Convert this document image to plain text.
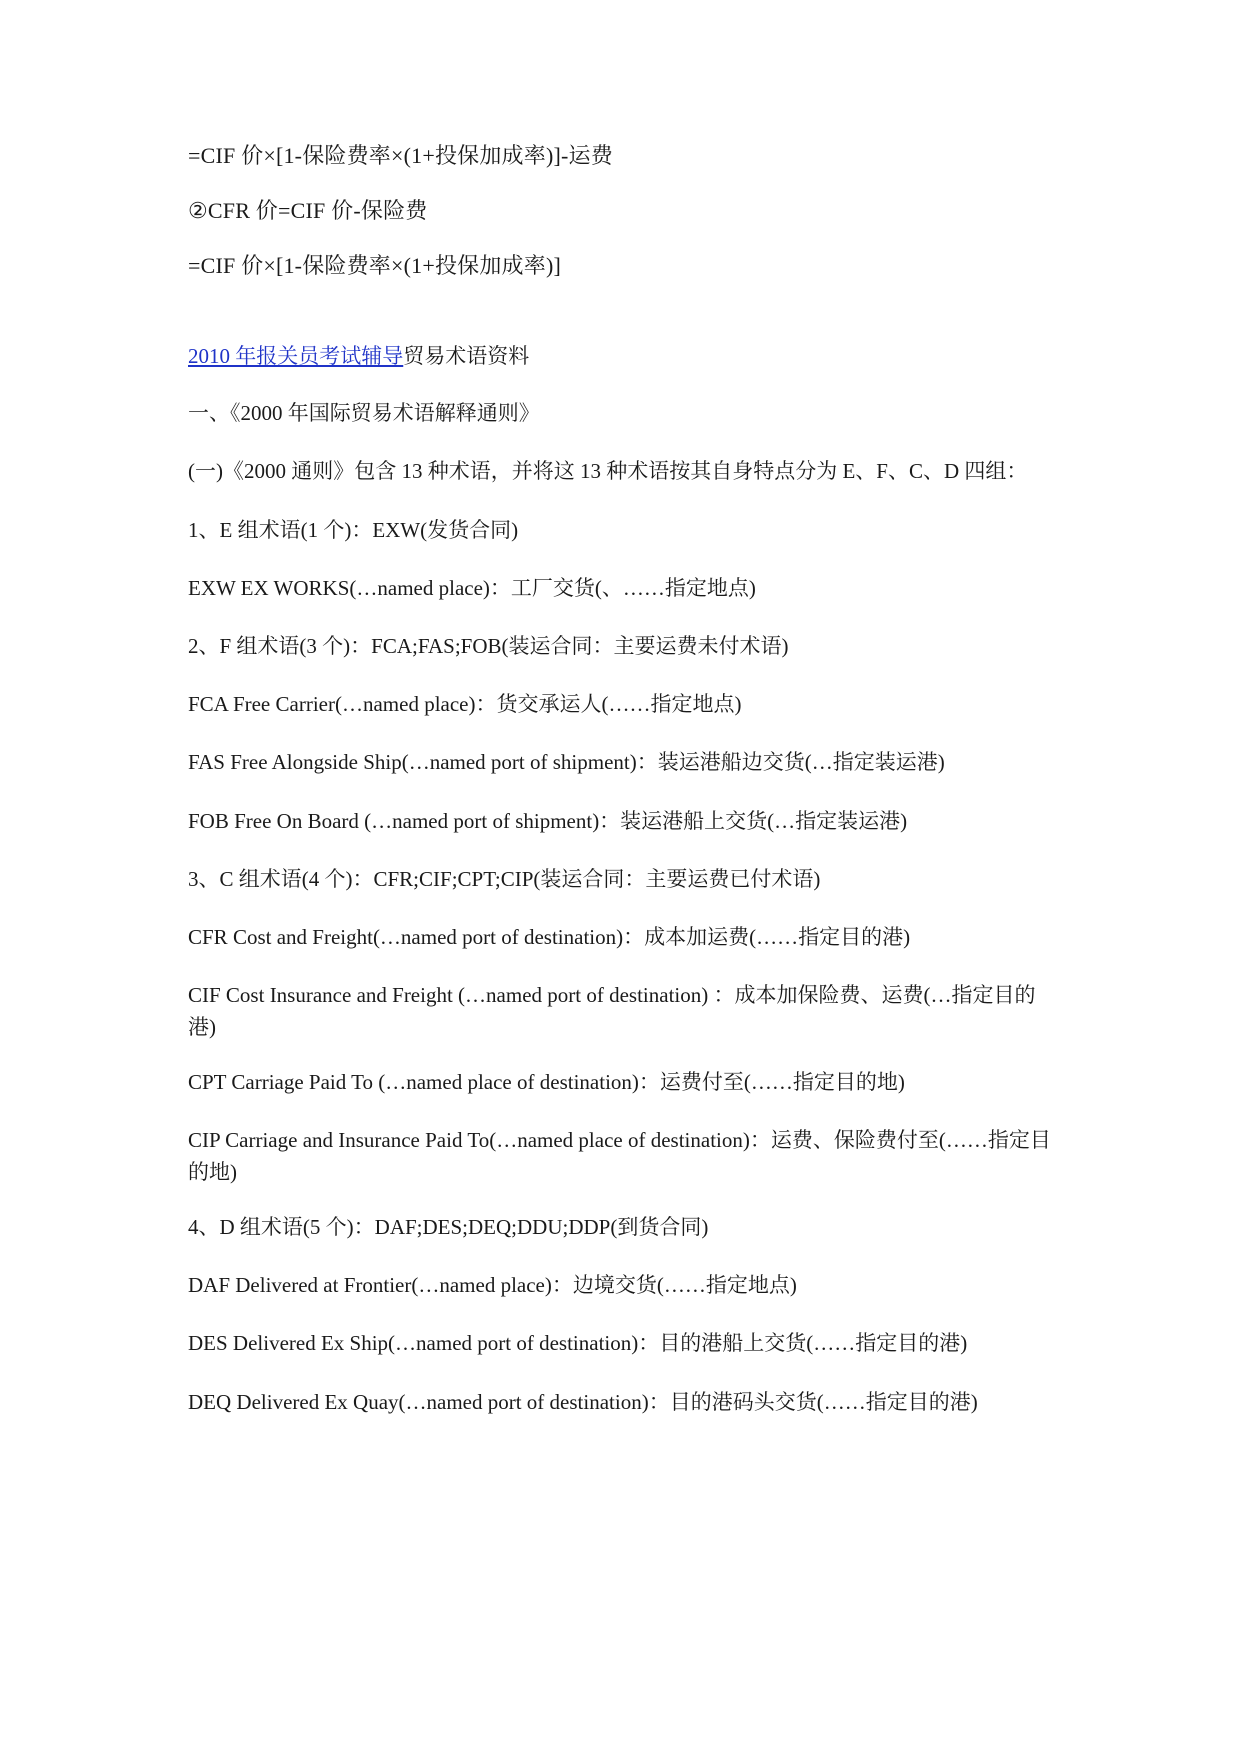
=CIF 价×[1-保险费率×(1+投保加成率)]-运费
②CFR 价=CIF 价-保险费
=CIF 价×[1-保险费率×(1+投保加成率)]
2010 年报关员考试辅导贸易术语资料
一、《2000 年国际贸易术语解释通则》
(一)《2000 通则》包含 13 种术语，并将这 13 种术语按其自身特点分为 E、F、C、D 四组：
1、E 组术语(1 个)：EXW(发货合同)
EXW EX WORKS(…named place)：工厂交货(、……指定地点)
2、F 组术语(3 个)：FCA;FAS;FOB(装运合同：主要运费未付术语)
FCA Free Carrier(…named place)：货交承运人(……指定地点)
FAS Free Alongside Ship(…named port of shipment)：装运港船边交货(…指定装运港)
FOB Free On Board (…named port of shipment)：装运港船上交货(…指定装运港)
3、C 组术语(4 个)：CFR;CIF;CPT;CIP(装运合同：主要运费已付术语)
CFR Cost and Freight(…named port of destination)：成本加运费(……指定目的港)
CIF Cost Insurance and Freight (…named port of destination) ：成本加保险费、运费(…指定目的港)
CPT Carriage Paid To (…named place of destination)：运费付至(……指定目的地)
CIP Carriage and Insurance Paid To(…named place of destination)：运费、保险费付至(……指定目的地)
4、D 组术语(5 个)：DAF;DES;DEQ;DDU;DDP(到货合同)
DAF Delivered at Frontier(…named place)：边境交货(……指定地点)
DES Delivered Ex Ship(…named port of destination)：目的港船上交货(……指定目的港)
DEQ Delivered Ex Quay(…named port of destination)：目的港码头交货(……指定目的港)
